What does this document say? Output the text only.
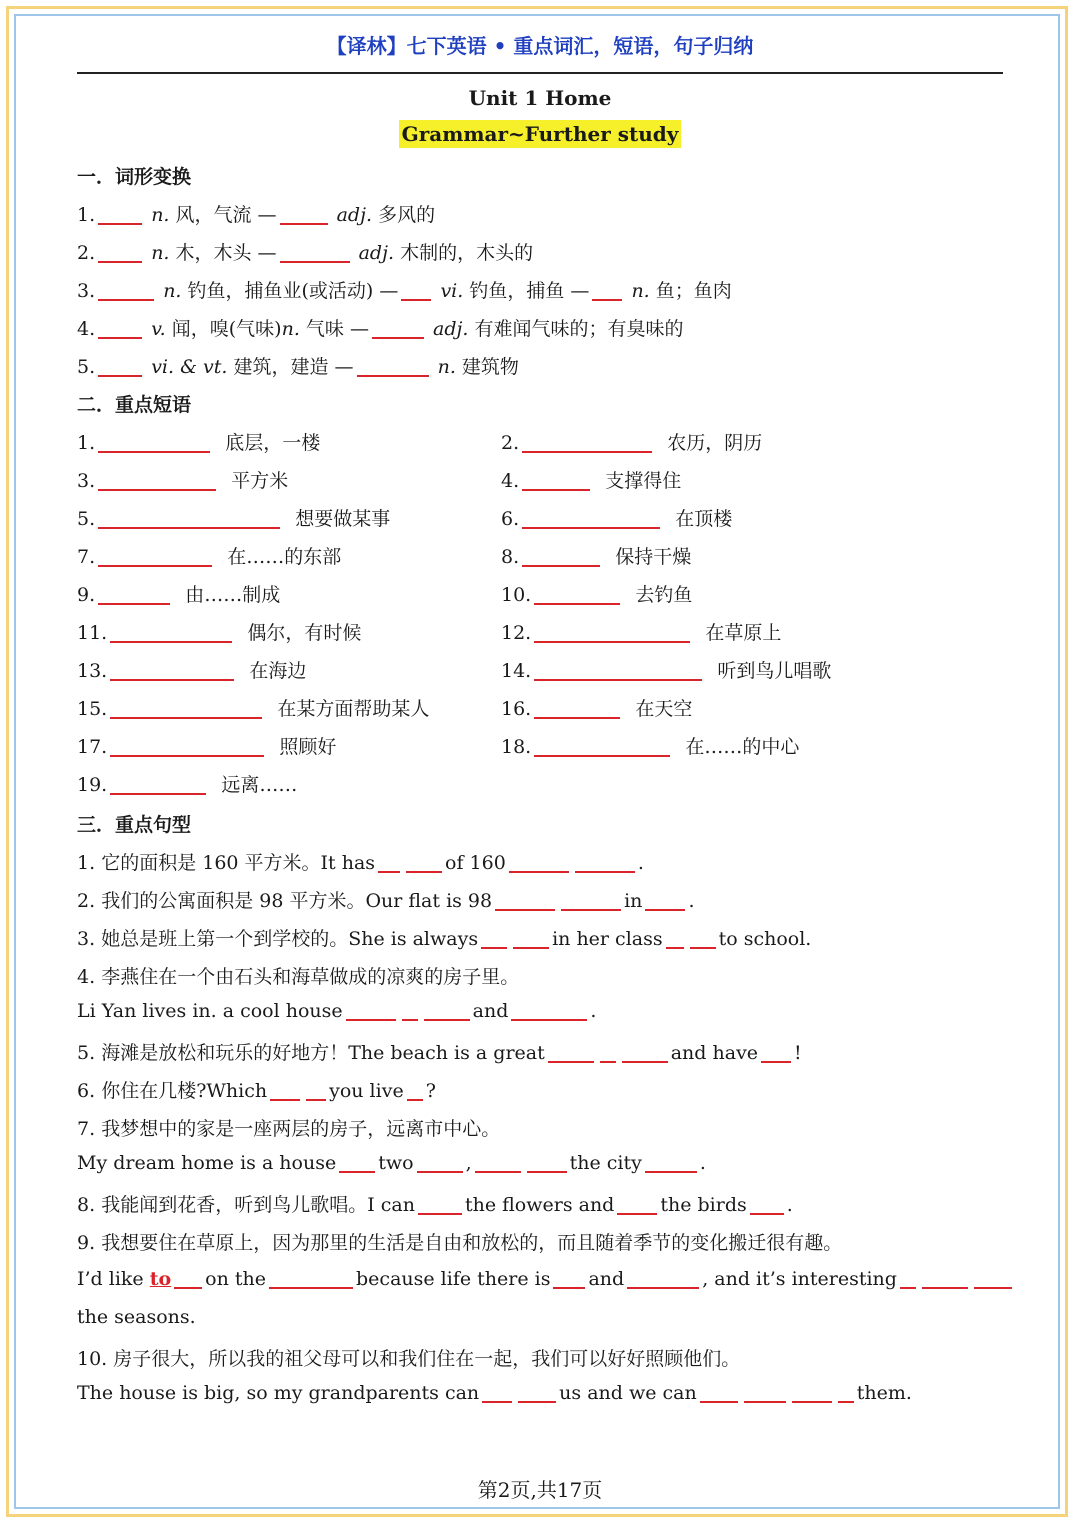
【译林】七下英语 • 重点词汇，短语，句子归纳
Unit 1 Home
Grammar~Further study
一．词形变换
1.	n. 风，气流 —	adj. 多风的
2.	n. 木，木头 —	adj. 木制的，木头的
3.	n. 钓鱼，捕鱼业(或活动) — vi. 钓鱼，捕鱼 — n. 鱼；鱼肉
4.	v. 闻，嗅(气味)n. 气味 —	adj. 有难闻气味的；有臭味的
5.	vi. & vt. 建筑，建造 —	n. 建筑物
二．重点短语
1.	底层，一楼	2.	农历，阴历
3.	平方米	4.	支撑得住
5.	想要做某事	6.	在顶楼
7.	在……的东部	8.	保持干燥
9.	由……制成	10.	去钓鱼
11.	偶尔，有时候	12.	在草原上
13.	在海边	14.	听到鸟儿唱歌
15.	在某方面帮助某人	16.	在天空
17.	照顾好	18.	在……的中心
19.	远离……
三．重点句型
1. 它的面积是 160 平方米。It has	of 160	.
2. 我们的公寓面积是 98 平方米。Our flat is 98	in .
3. 她总是班上第一个到学校的。She is always	in her class	to school.
4. 李燕住在一个由石头和海草做成的凉爽的房子里。
Li Yan lives in. a cool house	and	.
5. 海滩是放松和玩乐的好地方！The beach is a great	and have !
6. 你住在几楼?Which	you live ?
7. 我梦想中的家是一座两层的房子，远离市中心。
My dream home is a house two	,	the city	.
8. 我能闻到花香，听到鸟儿歌唱。I can	the flowers and the birds .
9. 我想要住在草原上，因为那里的生活是自由和放松的，而且随着季节的变化搬迁很有趣。
I’d like to on the	because life there is and	, and it’s interesting
the seasons.
10. 房子很大，所以我的祖父母可以和我们住在一起，我们可以好好照顾他们。
The house is big, so my grandparents can	us and we can	them.
第2页,共17页
